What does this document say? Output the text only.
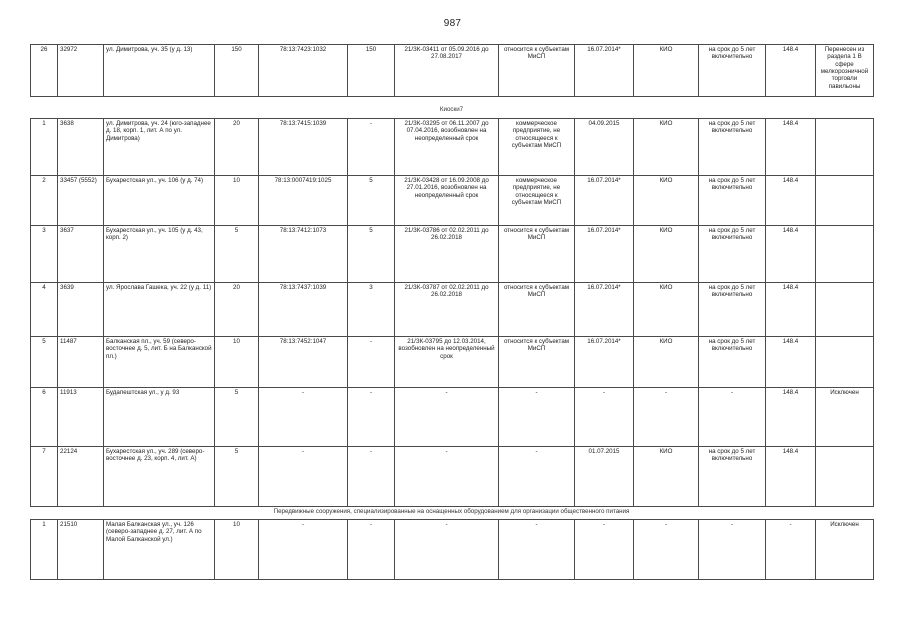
987
26	32972	ул. Димитрова, уч. 35 (у д. 13)	150	78:13:7423:1032	150	21/ЗК-03411 от 05.09.2016 до 27.08.2017	относится к субъектам МиСП	16.07.2014*	КИО	на срок до 5 лет включительно	148.4	Перенесен из раздела 1 В сфере мелкорозничной торговли павильоны
Киоски7
1	3638	ул. Димитрова, уч. 24 (юго-западнее д. 18, корп. 1, лит. А по ул. Димитрова)	20	78:13:7415:1039	-	21/ЗК-03295 от 06.11.2007 до 07.04.2016, возобновлен на неопределенный срок	коммерческое предприятие, не относящееся к субъектам МиСП	04.09.2015	КИО	на срок до 5 лет включительно	148.4	
2	33457 (5552)	Бухарестская ул., уч. 106 (у д. 74)	10	78:13:0007419:1025	5	21/ЗК-03428 от 16.09.2008 до 27.01.2016, возобновлен на неопределенный срок	коммерческое предприятие, не относящееся к субъектам МиСП	16.07.2014*	КИО	на срок до 5 лет включительно	148.4	
3	3637	Бухарестская ул., уч. 105 (у д. 43, корп. 2)	5	78:13:7412:1073	5	21/ЗК-03786 от 02.02.2011 до 26.02.2018	относится к субъектам МиСП	16.07.2014*	КИО	на срок до 5 лет включительно	148.4	
4	3639	ул. Ярослава Гашека, уч. 22 (у д. 11)	20	78:13:7437:1039	3	21/ЗК-03787 от 02.02.2011 до 26.02.2018	относится к субъектам МиСП	16.07.2014*	КИО	на срок до 5 лет включительно	148.4	
5	11487	Балканская пл., уч. 59 (северо-восточнее д. 5, лит. Б на Балканской пл.)	10	78:13:7452:1047	-	21/ЗК-03795 до 12.03.2014, возобновлен на неопределенный срок	относится к субъектам МиСП	16.07.2014*	КИО	на срок до 5 лет включительно	148.4	
6	11913	Будапештская ул., у д. 93	5	-	-	-	-	-	-	-	148.4	Исключен
7	22124	Бухарестская ул., уч. 289 (северо-восточнее д. 23, корп. 4, лит. А)	5	-	-	-	-	01.07.2015	КИО	на срок до 5 лет включительно	148.4	
Передвижные сооружения, специализированные на оснащенных оборудованием для организации общественного питания
1	21510	Малая Балканская ул., уч. 126 (северо-западнее д. 27, лит. А по Малой Балканской ул.)	10	-	-	-	-	-	-	-	-	Исключен
